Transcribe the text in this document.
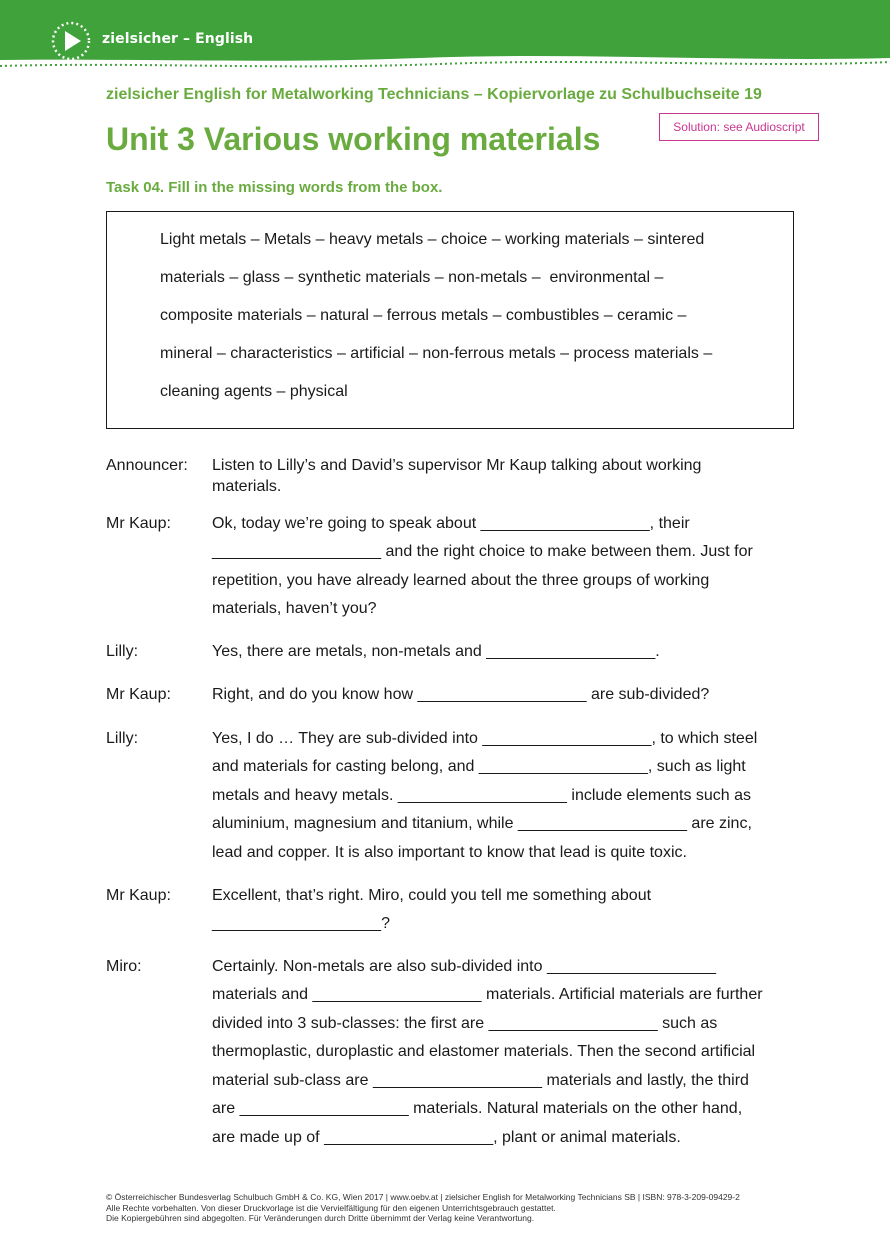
zielsicher – English
zielsicher English for Metalworking Technicians – Kopiervorlage zu Schulbuchseite 19
Unit 3 Various working materials	Solution: see Audioscript
Task 04. Fill in the missing words from the box.
Light metals – Metals – heavy metals – choice – working materials – sintered
materials – glass – synthetic materials – non-metals –  environmental –
composite materials – natural – ferrous metals – combustibles – ceramic –
mineral – characteristics – artificial – non-ferrous metals – process materials –
cleaning agents – physical
Announcer: Listen to Lilly’s and David’s supervisor Mr Kaup talking about working
materials.
Mr Kaup:	Ok, today we’re going to speak about ___________________, their
___________________ and the right choice to make between them. Just for
repetition, you have already learned about the three groups of working
materials, haven’t you?
Lilly:	Yes, there are metals, non-metals and ___________________.
Mr Kaup:	Right, and do you know how ___________________ are sub-divided?
Lilly:	Yes, I do … They are sub-divided into ___________________, to which steel
and materials for casting belong, and ___________________, such as light
metals and heavy metals. ___________________ include elements such as
aluminium, magnesium and titanium, while ___________________ are zinc,
lead and copper. It is also important to know that lead is quite toxic.
Mr Kaup:	Excellent, that’s right. Miro, could you tell me something about
___________________?
Miro:	Certainly. Non-metals are also sub-divided into ___________________
materials and ___________________ materials. Artificial materials are further
divided into 3 sub-classes: the first are ___________________ such as
thermoplastic, duroplastic and elastomer materials. Then the second artificial
material sub-class are ___________________ materials and lastly, the third
are ___________________ materials. Natural materials on the other hand,
are made up of ___________________, plant or animal materials.
© Österreichischer Bundesverlag Schulbuch GmbH & Co. KG, Wien 2017 | www.oebv.at | zielsicher English for Metalworking Technicians SB | ISBN: 978-3-209-09429-2
Alle Rechte vorbehalten. Von dieser Druckvorlage ist die Vervielfältigung für den eigenen Unterrichtsgebrauch gestattet.
Die Kopiergebühren sind abgegolten. Für Veränderungen durch Dritte übernimmt der Verlag keine Verantwortung.
